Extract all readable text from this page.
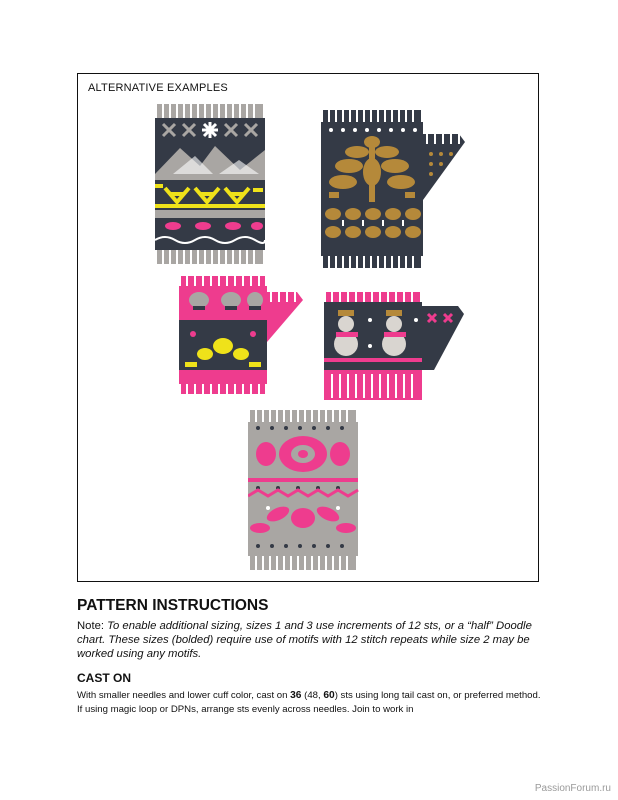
ALTERNATIVE EXAMPLES
PATTERN INSTRUCTIONS
Note: To enable additional sizing, sizes 1 and 3 use increments of 12 sts, or a “half” Doodle chart. These sizes (bolded) require use of motifs with 12 stitch repeats while size 2 may be worked using any motifs.
CAST ON
With smaller needles and lower cuff color, cast on 36 (48, 60) sts using long tail cast on, or preferred method. If using magic loop or DPNs, arrange sts evenly across needles. Join to work in
PassionForum.ru
